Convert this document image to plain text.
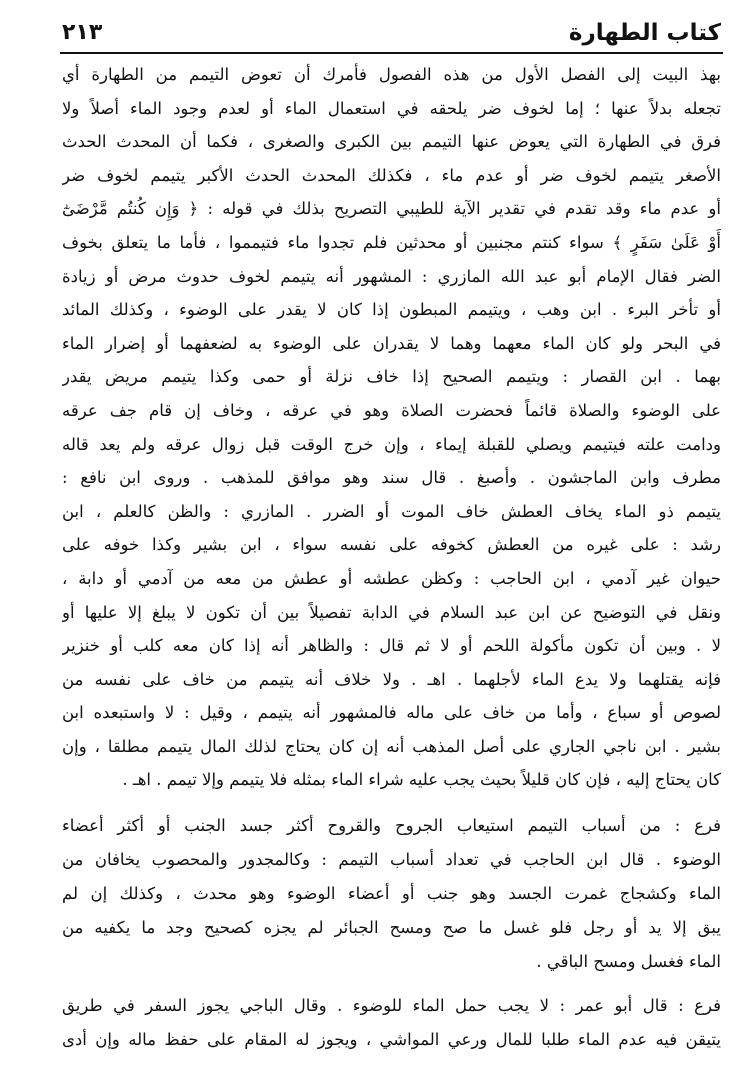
كتاب الطهارة
٢١٣
بهذ البيت إلى الفصل الأول من هذه الفصول فأمرك أن تعوض التيمم من الطهارة أي
تجعله بدلاً عنها ؛ إما لخوف ضر يلحقه في استعمال الماء أو لعدم وجود الماء أصلاً ولا
فرق في الطهارة التي يعوض عنها التيمم بين الكبرى والصغرى ، فكما أن المحدث الحدث
الأصغر يتيمم لخوف ضر أو عدم ماء ، فكذلك المحدث الحدث الأكبر يتيمم لخوف ضر
أو عدم ماء وقد تقدم في تقدير الآية للطيبي التصريح بذلك في قوله : ﴿ وَإِن كُنتُم مَّرْضَىٰٓ
أَوْ عَلَىٰ سَفَرٍ ﴾ سواء كنتم مجنبين أو محدثين فلم تجدوا ماء فتيمموا ، فأما ما يتعلق بخوف
الضر فقال الإمام أبو عبد الله المازري : المشهور أنه يتيمم لخوف حدوث مرض أو زيادة
أو تأخر البرء . ابن وهب ، ويتيمم المبطون إذا كان لا يقدر على الوضوء ، وكذلك المائد
في البحر ولو كان الماء معهما وهما لا يقدران على الوضوء به لضعفهما أو إضرار الماء
بهما . ابن القصار : ويتيمم الصحيح إذا خاف نزلة أو حمى وكذا يتيمم مريض يقدر
على الوضوء والصلاة قائماً فحضرت الصلاة وهو في عرقه ، وخاف إن قام جف عرقه
ودامت علته فيتيمم ويصلي للقبلة إيماء ، وإن خرج الوقت قبل زوال عرقه ولم يعد قاله
مطرف وابن الماجشون . وأصبغ . قال سند وهو موافق للمذهب . وروى ابن نافع :
يتيمم ذو الماء يخاف العطش خاف الموت أو الضرر . المازري : والظن كالعلم ، ابن
رشد : على غيره من العطش كخوفه على نفسه سواء ، ابن بشير وكذا خوفه على
حيوان غير آدمي ، ابن الحاجب : وكظن عطشه أو عطش من معه من آدمي أو دابة ،
ونقل في التوضيح عن ابن عبد السلام في الدابة تفصيلاً بين أن تكون لا يبلغ إلا عليها أو
لا . وبين أن تكون مأكولة اللحم أو لا ثم قال : والظاهر أنه إذا كان معه كلب أو خنزير
فإنه يقتلهما ولا يدع الماء لأجلهما . اهـ . ولا خلاف أنه يتيمم من خاف على نفسه من
لصوص أو سباع ، وأما من خاف على ماله فالمشهور أنه يتيمم ، وقيل : لا واستبعده ابن
بشير . ابن ناجي الجاري على أصل المذهب أنه إن كان يحتاج لذلك المال يتيمم مطلقا ، وإن
كان يحتاج إليه ، فإن كان قليلاً بحيث يجب عليه شراء الماء بمثله فلا يتيمم وإلا تيمم . اهـ .
فرع : من أسباب التيمم استيعاب الجروح والقروح أكثر جسد الجنب أو أكثر أعضاء
الوضوء . قال ابن الحاجب في تعداد أسباب التيمم : وكالمجدور والمحصوب يخافان من
الماء وكشجاج غمرت الجسد وهو جنب أو أعضاء الوضوء وهو محدث ، وكذلك إن لم
يبق إلا يد أو رجل فلو غسل ما صح ومسح الجبائر لم يجزه كصحيح وجد ما يكفيه من
الماء فغسل ومسح الباقي .
فرع : قال أبو عمر : لا يجب حمل الماء للوضوء . وقال الباجي يجوز السفر في طريق
يتيقن فيه عدم الماء طلبا للمال ورعي المواشي ، ويجوز له المقام على حفظ ماله وإن أدى
